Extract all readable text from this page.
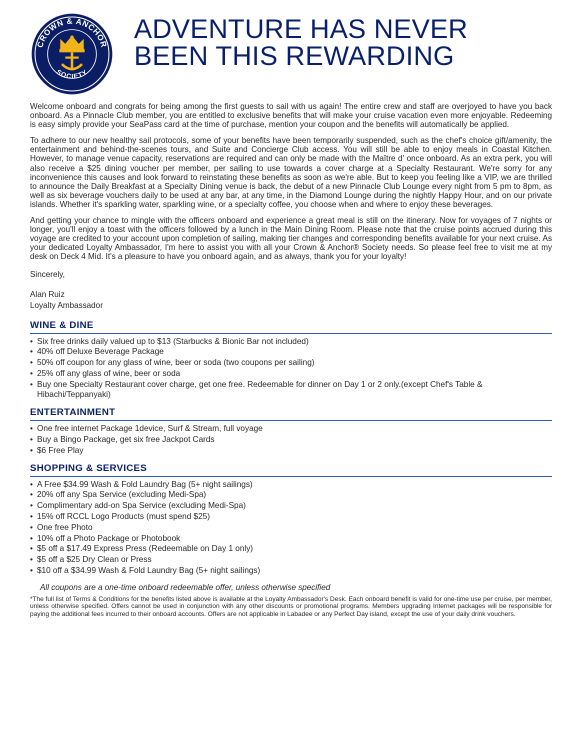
CROWN & ANCHOR
SOCIETY
ADVENTURE HAS NEVER
BEEN THIS REWARDING

Welcome onboard and congrats for being among the first guests to sail with us again! The entire crew and staff are overjoyed to have you back onboard. As a Pinnacle Club member, you are entitled to exclusive benefits that will make your cruise vacation even more enjoyable. Redeeming is easy simply provide your SeaPass card at the time of purchase, mention your coupon and the benefits will automatically be applied.

To adhere to our new healthy sail protocols, some of your benefits have been temporarily suspended, such as the chef's choice gift/amenity, the entertainment and behind-the-scenes tours, and Suite and Concierge Club access. You will still be able to enjoy meals in Coastal Kitchen. However, to manage venue capacity, reservations are required and can only be made with the Maître d' once onboard. As an extra perk, you will also receive a $25 dining voucher per member, per sailing to use towards a cover charge at a Specialty Restaurant. We're sorry for any inconvenience this causes and look forward to reinstating these benefits as soon as we're able. But to keep you feeling like a VIP, we are thrilled to announce the Daily Breakfast at a Specialty Dining venue is back, the debut of a new Pinnacle Club Lounge every night from 5 pm to 8pm, as well as six beverage vouchers daily to be used at any bar, at any time, in the Diamond Lounge during the nightly Happy Hour, and on our private islands. Whether it's sparkling water, sparkling wine, or a specialty coffee, you choose when and where to enjoy these beverages.

And getting your chance to mingle with the officers onboard and experience a great meal is still on the itinerary. Now for voyages of 7 nights or longer, you'll enjoy a toast with the officers followed by a lunch in the Main Dining Room. Please note that the cruise points accrued during this voyage are credited to your account upon completion of sailing, making tier changes and corresponding benefits available for your next cruise. As your dedicated Loyalty Ambassador, I'm here to assist you with all your Crown & Anchor® Society needs. So please feel free to visit me at my desk on Deck 4 Mid. It's a pleasure to have you onboard again, and as always, thank you for your loyalty!

Sincerely,

Alan Ruiz
Loyalty Ambassador

WINE & DINE
• Six free drinks daily valued up to $13 (Starbucks & Bionic Bar not included)
• 40% off Deluxe Beverage Package
• 50% off coupon for any glass of wine, beer or soda (two coupons per sailing)
• 25% off any glass of wine, beer or soda
• Buy one Specialty Restaurant cover charge, get one free. Redeemable for dinner on Day 1 or 2 only.(except Chef's Table & Hibachi/Teppanyaki)
ENTERTAINMENT
• One free internet Package 1device, Surf & Stream, full voyage
• Buy a Bingo Package, get six free Jackpot Cards
• $6 Free Play
SHOPPING & SERVICES
• A Free $34.99 Wash & Fold Laundry Bag (5+ night sailings)
• 20% off any Spa Service (excluding Medi-Spa)
• Complimentary add-on Spa Service (excluding Medi-Spa)
• 15% off RCCL Logo Products (must spend $25)
• One free Photo
• 10% off a Photo Package or Photobook
• $5 off a $17.49 Express Press (Redeemable on Day 1 only)
• $5 off a $25 Dry Clean or Press
• $10 off a $34.99 Wash & Fold Laundry Bag (5+ night sailings)
All coupons are a one-time onboard redeemable offer, unless otherwise specified

*The full list of Terms & Conditions for the benefits listed above is available at the Loyalty Ambassador's Desk. Each onboard benefit is valid for one-time use per cruise, per member, unless otherwise specified. Offers cannot be used in conjunction with any other discounts or promotional programs. Members upgrading Internet packages will be responsible for paying the additional fees incurred to their onboard accounts. Offers are not applicable in Labadee or any Perfect Day island, except the use of your daily drink vouchers.
